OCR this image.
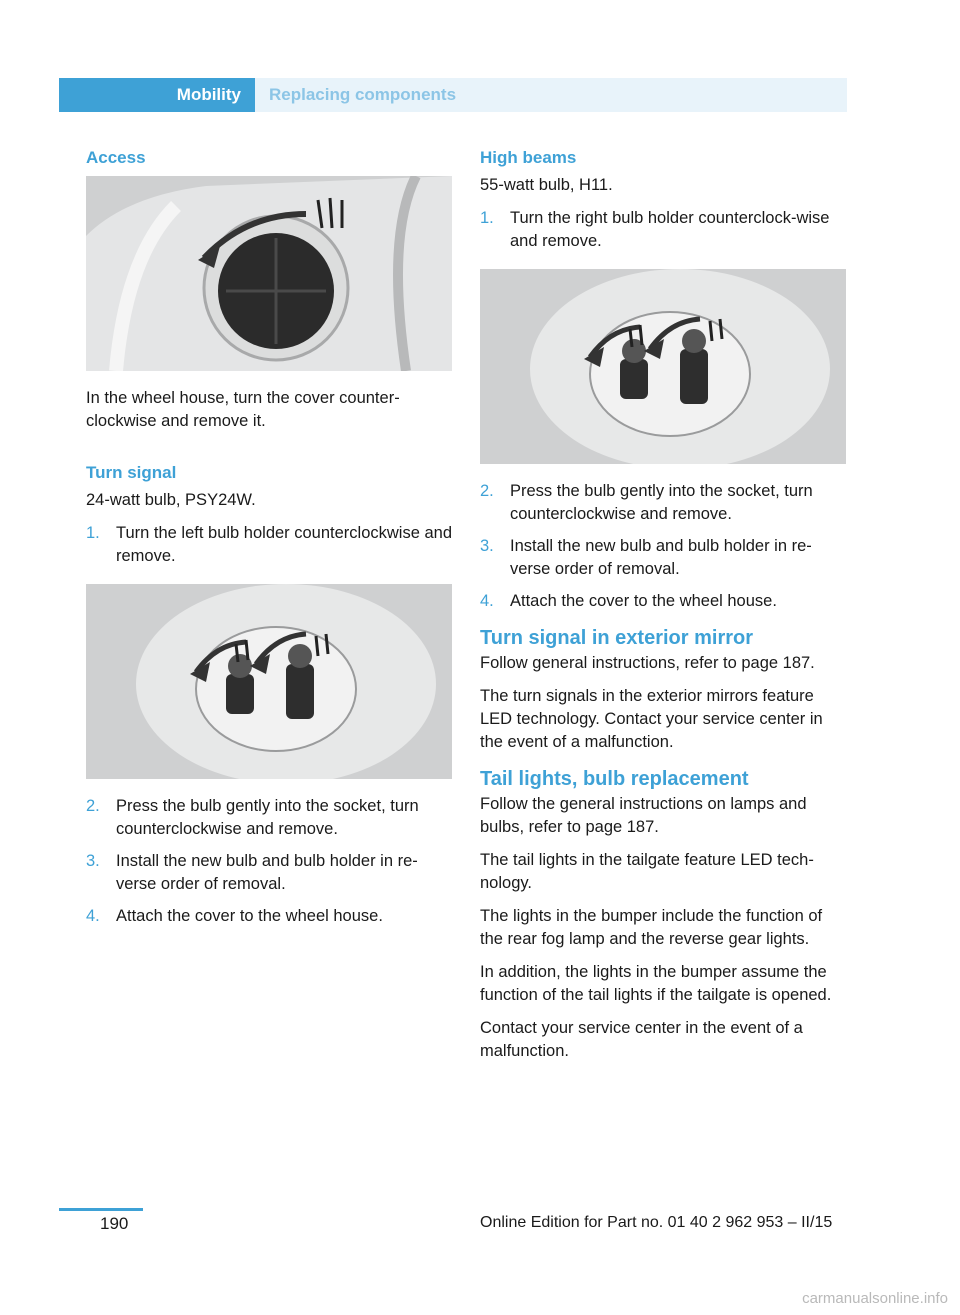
Mobility	Replacing components
Access

In the wheel house, turn the cover counter‐clockwise and remove it.

Turn signal

24-watt bulb, PSY24W.

1. Turn the left bulb holder counterclockwise and remove.
2. Press the bulb gently into the socket, turn counterclockwise and remove.
3. Install the new bulb and bulb holder in re‐verse order of removal.
4. Attach the cover to the wheel house.
High beams

55-watt bulb, H11.

1. Turn the right bulb holder counterclock‐wise and remove.
2. Press the bulb gently into the socket, turn counterclockwise and remove.
3. Install the new bulb and bulb holder in re‐verse order of removal.
4. Attach the cover to the wheel house.
Turn signal in exterior mirror

Follow general instructions, refer to page 187.

The turn signals in the exterior mirrors feature LED technology. Contact your service center in the event of a malfunction.

Tail lights, bulb replacement

Follow the general instructions on lamps and bulbs, refer to page 187.

The tail lights in the tailgate feature LED tech‐nology.

The lights in the bumper include the function of the rear fog lamp and the reverse gear lights.

In addition, the lights in the bumper assume the function of the tail lights if the tailgate is opened.

Contact your service center in the event of a malfunction.

190	Online Edition for Part no. 01 40 2 962 953 – II/15
carmanualsonline.info
